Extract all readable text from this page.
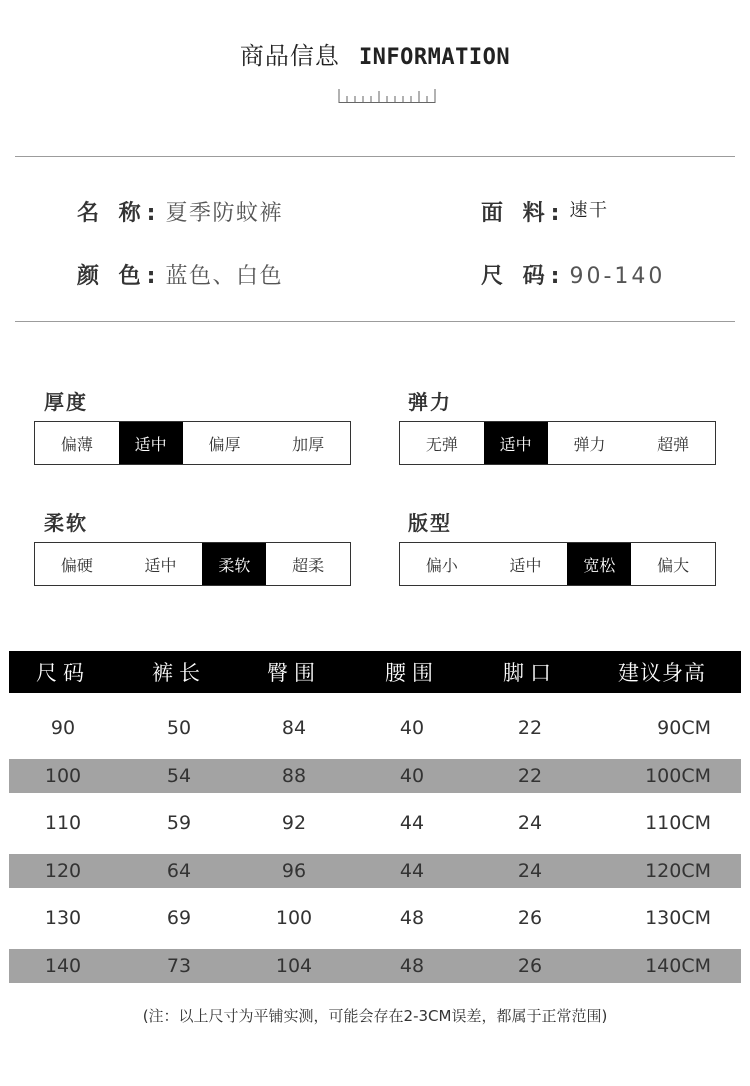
商品信息 INFORMATION
名 称: 夏季防蚊裤	面 料: 速干
颜 色: 蓝色、白色	尺 码: 90-140
厚度
偏薄	适中	偏厚	加厚
弹力
无弹	适中	弹力	超弹
柔软
偏硬	适中	柔软	超柔
版型
偏小	适中	宽松	偏大
尺码	裤长	臀围	腰围	脚口	建议身高
90	50	84	40	22	90CM
100	54	88	40	22	100CM
110	59	92	44	24	110CM
120	64	96	44	24	120CM
130	69	100	48	26	130CM
140	73	104	48	26	140CM
(注：以上尺寸为平铺实测，可能会存在2-3CM误差，都属于正常范围)
